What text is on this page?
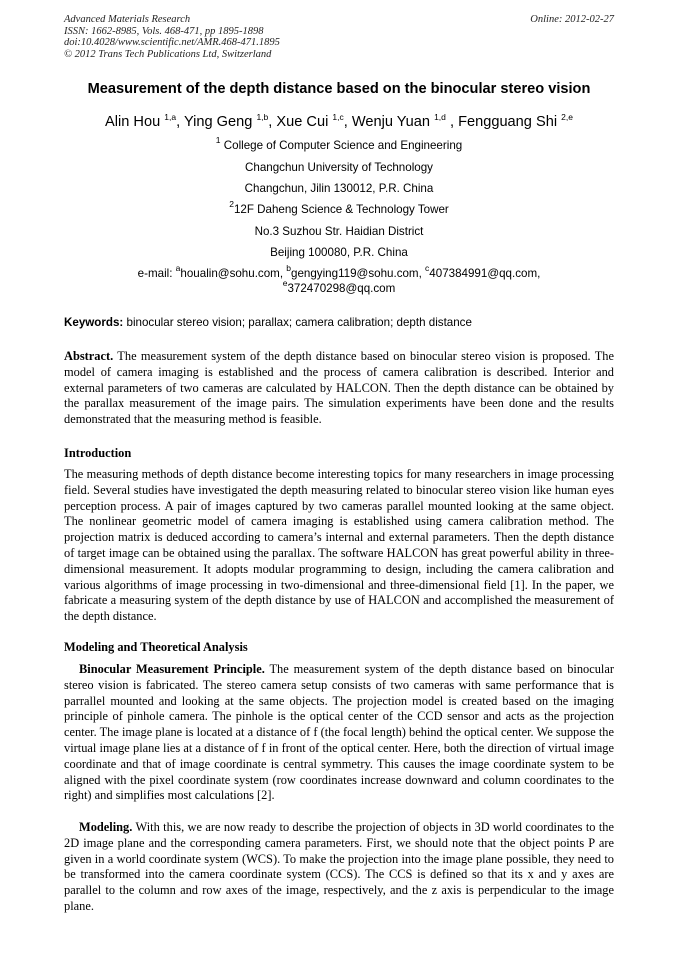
Advanced Materials Research
ISSN: 1662-8985, Vols. 468-471, pp 1895-1898
doi:10.4028/www.scientific.net/AMR.468-471.1895
© 2012 Trans Tech Publications Ltd, Switzerland
Online: 2012-02-27
Measurement of the depth distance based on the binocular stereo vision
Alin Hou $^{1,a}$, Ying Geng $^{1,b}$, Xue Cui $^{1,c}$, Wenju Yuan $^{1,d}$ , Fengguang Shi $^{2,e}$
$^1$ College of Computer Science and Engineering
Changchun University of Technology
Changchun, Jilin 130012, P.R. China
$^2$12F Daheng Science & Technology Tower
No.3 Suzhou Str. Haidian District
Beijing 100080, P.R. China
e-mail: $^a$houalin@sohu.com, $^b$gengying119@sohu.com, $^c$407384991@qq.com,
$^e$372470298@qq.com
Keywords: binocular stereo vision; parallax; camera calibration; depth distance
Abstract. The measurement system of the depth distance based on binocular stereo vision is proposed. The model of camera imaging is established and the process of camera calibration is described. Interior and external parameters of two cameras are calculated by HALCON. Then the depth distance can be obtained by the parallax measurement of the image pairs. The simulation experiments have been done and the results demonstrated that the measuring method is feasible.
Introduction
The measuring methods of depth distance become interesting topics for many researchers in image processing field. Several studies have investigated the depth measuring related to binocular stereo vision like human eyes perception process. A pair of images captured by two cameras parallel mounted looking at the same object. The nonlinear geometric model of camera imaging is established using camera calibration method. The projection matrix is deduced according to camera’s internal and external parameters. Then the depth distance of target image can be obtained using the parallax. The software HALCON has great powerful ability in three-dimensional measurement. It adopts modular programming to design, including the camera calibration and various algorithms of image processing in two-dimensional and three-dimensional field [1]. In the paper, we fabricate a measuring system of the depth distance by use of HALCON and accomplished the measurement of the depth distance.
Modeling and Theoretical Analysis
Binocular Measurement Principle. The measurement system of the depth distance based on binocular stereo vision is fabricated. The stereo camera setup consists of two cameras with same performance that is parrallel mounted and looking at the same objects. The projection model is created based on the imaging principle of pinhole camera. The pinhole is the optical center of the CCD sensor and acts as the projection center. The image plane is located at a distance of f (the focal length) behind the optical center. We suppose the virtual image plane lies at a distance of f in front of the optical center. Here, both the direction of virtual image coordinate and that of image coordinate is central symmetry. This causes the image coordinate system to be aligned with the pixel coordinate system (row coordinates increase downward and column coordinates to the right) and simplifies most calculations [2].
Modeling. With this, we are now ready to describe the projection of objects in 3D world coordinates to the 2D image plane and the corresponding camera parameters. First, we should note that the object points P are given in a world coordinate system (WCS). To make the projection into the image plane possible, they need to be transformed into the camera coordinate system (CCS). The CCS is defined so that its x and y axes are parallel to the column and row axes of the image, respectively, and the z axis is perpendicular to the image plane.
